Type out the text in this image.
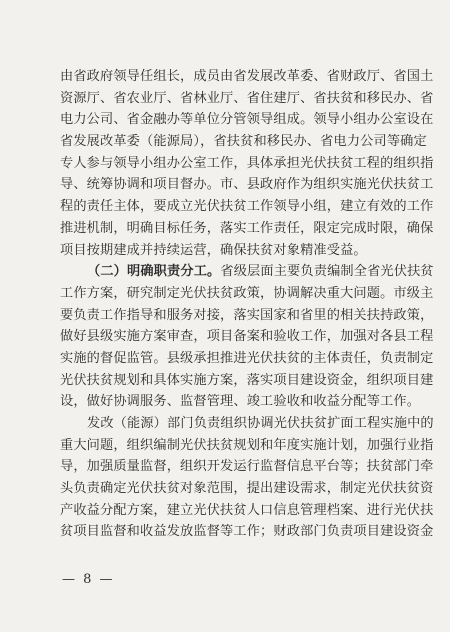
由省政府领导任组长，成员由省发展改革委、省财政厅、省国土
资源厅、省农业厅、省林业厅、省住建厅、省扶贫和移民办、省
电力公司、省金融办等单位分管领导组成。领导小组办公室设在
省发展改革委（能源局），省扶贫和移民办、省电力公司等确定
专人参与领导小组办公室工作，具体承担光伏扶贫工程的组织指
导、统筹协调和项目督办。市、县政府作为组织实施光伏扶贫工
程的责任主体，要成立光伏扶贫工作领导小组，建立有效的工作
推进机制，明确目标任务，落实工作责任，限定完成时限，确保
项目按期建成并持续运营，确保扶贫对象精准受益。
（二）明确职责分工。省级层面主要负责编制全省光伏扶贫
工作方案，研究制定光伏扶贫政策，协调解决重大问题。市级主
要负责工作指导和服务对接，落实国家和省里的相关扶持政策，
做好县级实施方案审查，项目备案和验收工作，加强对各县工程
实施的督促监管。县级承担推进光伏扶贫的主体责任，负责制定
光伏扶贫规划和具体实施方案，落实项目建设资金，组织项目建
设，做好协调服务、监督管理、竣工验收和收益分配等工作。
发改（能源）部门负责组织协调光伏扶贫扩面工程实施中的
重大问题，组织编制光伏扶贫规划和年度实施计划，加强行业指
导，加强质量监督，组织开发运行监督信息平台等；扶贫部门牵
头负责确定光伏扶贫对象范围，提出建设需求，制定光伏扶贫资
产收益分配方案，建立光伏扶贫人口信息管理档案、进行光伏扶
贫项目监督和收益发放监督等工作；财政部门负责项目建设资金
— 8 —
